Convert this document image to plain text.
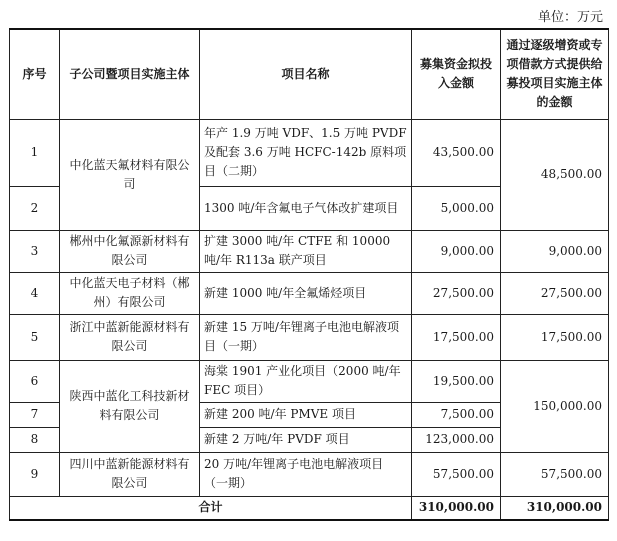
单位：万元
序号	子公司暨项目实施主体	项目名称	募集资金拟投入金额	通过逐级增资或专项借款方式提供给募投项目实施主体的金额
1	中化蓝天氟材料有限公司	年产 1.9 万吨 VDF、1.5 万吨 PVDF 及配套 3.6 万吨 HCFC-142b 原料项目（二期）	43,500.00	48,500.00
2		1300 吨/年含氟电子气体改扩建项目	5,000.00	
3	郴州中化氟源新材料有限公司	扩建 3000 吨/年 CTFE 和 10000 吨/年 R113a 联产项目	9,000.00	9,000.00
4	中化蓝天电子材料（郴州）有限公司	新建 1000 吨/年全氟烯烃项目	27,500.00	27,500.00
5	浙江中蓝新能源材料有限公司	新建 15 万吨/年锂离子电池电解液项目（一期）	17,500.00	17,500.00
6	陕西中蓝化工科技新材料有限公司	海棠 1901 产业化项目（2000 吨/年 FEC 项目）	19,500.00	150,000.00
7		新建 200 吨/年 PMVE 项目	7,500.00	
8		新建 2 万吨/年 PVDF 项目	123,000.00	
9	四川中蓝新能源材料有限公司	20 万吨/年锂离子电池电解液项目（一期）	57,500.00	57,500.00
合计			310,000.00	310,000.00
